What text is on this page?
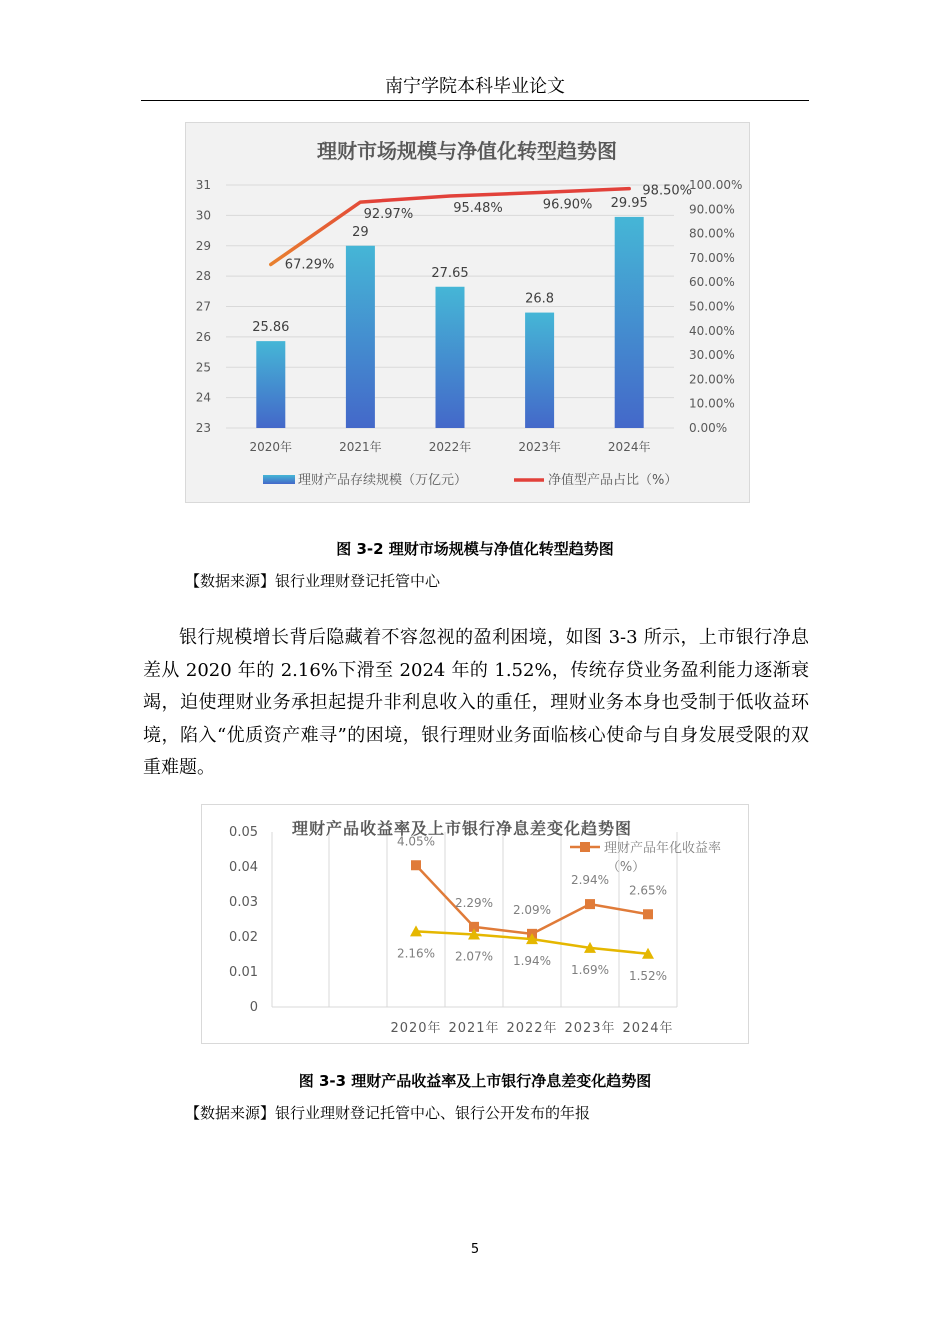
南宁学院本科毕业论文
理财市场规模与净值化转型趋势图
25.86
29
27.65
26.8
29.95
67.29%
92.97%	95.48%	96.90%
98.50%
23
24
25
26
27
28
29
30
31
0.00%
10.00%
20.00%
30.00%
40.00%
50.00%
60.00%
70.00%
80.00%
90.00%
100.00%
2020年	2021年	2022年	2023年	2024年
理财产品存续规模（万亿元）	净值型产品占比（%）
图 3-2 理财市场规模与净值化转型趋势图
【数据来源】银行业理财登记托管中心
银行规模增长背后隐藏着不容忽视的盈利困境，如图 3-3 所示，上市银行净息差从 2020 年的 2.16%下滑至 2024 年的 1.52%，传统存贷业务盈利能力逐渐衰竭，迫使理财业务承担起提升非利息收入的重任，理财业务本身也受制于低收益环境，陷入“优质资产难寻”的困境，银行理财业务面临核心使命与自身发展受限的双重难题。
理财产品收益率及上市银行净息差变化趋势图
4.05%
2.29% 2.09%
2.94%
2.65%
2.16% 2.07% 1.94%
1.69% 1.52%
0
0.01
0.02
0.03
0.04
0.05
2020年 2021年 2022年 2023年 2024年
理财产品年化收益率
（%）
图 3-3 理财产品收益率及上市银行净息差变化趋势图
【数据来源】银行业理财登记托管中心、银行公开发布的年报
5
